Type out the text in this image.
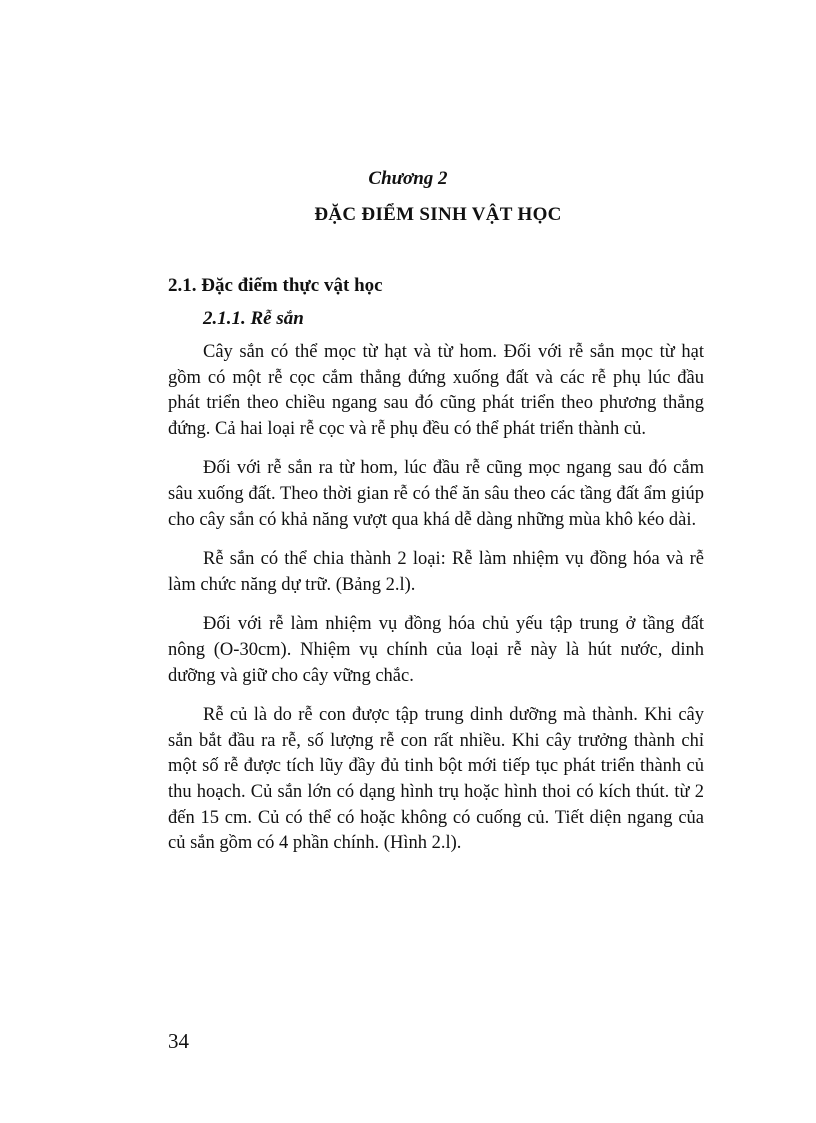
Chương 2
ĐẶC ĐIỂM SINH VẬT HỌC
2.1. Đặc điểm thực vật học
2.1.1. Rễ sắn

Cây sắn có thể mọc từ hạt và từ hom. Đối với rễ sắn mọc từ hạt gồm có một rễ cọc cắm thẳng đứng xuống đất và các rễ phụ lúc đầu phát triển theo chiều ngang sau đó cũng phát triển theo phương thẳng đứng. Cả hai loại rễ cọc và rễ phụ đều có thể phát triển thành củ.

Đối với rễ sắn ra từ hom, lúc đầu rễ cũng mọc ngang sau đó cắm sâu xuống đất. Theo thời gian rễ có thể ăn sâu theo các tầng đất ẩm giúp cho cây sắn có khả năng vượt qua khá dễ dàng những mùa khô kéo dài.

Rễ sắn có thể chia thành 2 loại: Rễ làm nhiệm vụ đồng hóa và rễ làm chức năng dự trữ. (Bảng 2.l).

Đối với rễ làm nhiệm vụ đồng hóa chủ yếu tập trung ở tầng đất nông (O-30cm). Nhiệm vụ chính của loại rễ này là hút nước, dinh dưỡng và giữ cho cây vững chắc.

Rễ củ là do rễ con được tập trung dinh dưỡng mà thành. Khi cây sắn bắt đầu ra rễ, số lượng rễ con rất nhiều. Khi cây trưởng thành chỉ một số rễ được tích lũy đầy đủ tinh bột mới tiếp tục phát triển thành củ thu hoạch. Củ sắn lớn có dạng hình trụ hoặc hình thoi có kích thút. từ 2 đến 15 cm. Củ có thể có hoặc không có cuống củ. Tiết diện ngang của củ sắn gồm có 4 phần chính. (Hình 2.l).

34
